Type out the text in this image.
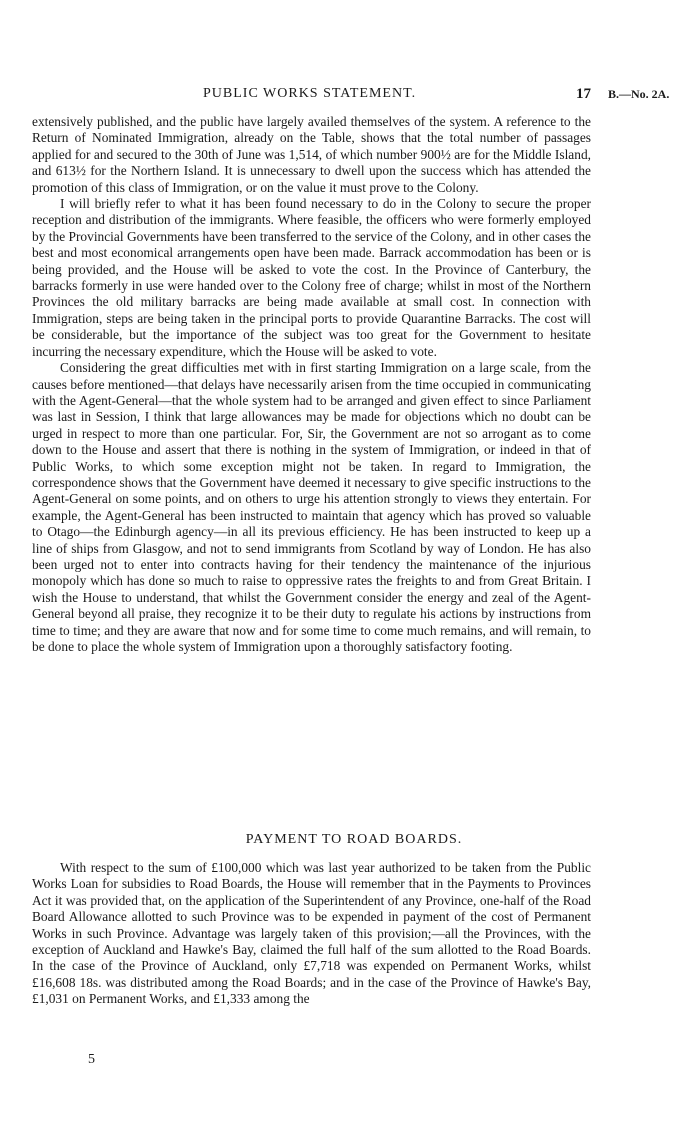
PUBLIC WORKS STATEMENT.	17 B.—No. 2A.

extensively published, and the public have largely availed themselves of the system. A reference to the Return of Nominated Immigration, already on the Table, shows that the total number of passages applied for and secured to the 30th of June was 1,514, of which number 900½ are for the Middle Island, and 613½ for the Northern Island. It is unnecessary to dwell upon the success which has attended the promotion of this class of Immigration, or on the value it must prove to the Colony.

I will briefly refer to what it has been found necessary to do in the Colony to secure the proper reception and distribution of the immigrants. Where feasible, the officers who were formerly employed by the Provincial Governments have been transferred to the service of the Colony, and in other cases the best and most economical arrangements open have been made. Barrack accommodation has been or is being provided, and the House will be asked to vote the cost. In the Province of Canterbury, the barracks formerly in use were handed over to the Colony free of charge; whilst in most of the Northern Provinces the old military barracks are being made available at small cost. In connection with Immigration, steps are being taken in the principal ports to provide Quarantine Barracks. The cost will be considerable, but the importance of the subject was too great for the Government to hesitate incurring the necessary expenditure, which the House will be asked to vote.

Considering the great difficulties met with in first starting Immigration on a large scale, from the causes before mentioned—that delays have necessarily arisen from the time occupied in communicating with the Agent-General—that the whole system had to be arranged and given effect to since Parliament was last in Session, I think that large allowances may be made for objections which no doubt can be urged in respect to more than one particular. For, Sir, the Government are not so arrogant as to come down to the House and assert that there is nothing in the system of Immigration, or indeed in that of Public Works, to which some exception might not be taken. In regard to Immigration, the correspondence shows that the Government have deemed it necessary to give specific instructions to the Agent-General on some points, and on others to urge his attention strongly to views they entertain. For example, the Agent-General has been instructed to maintain that agency which has proved so valuable to Otago—the Edinburgh agency—in all its previous efficiency. He has been instructed to keep up a line of ships from Glasgow, and not to send immigrants from Scotland by way of London. He has also been urged not to enter into contracts having for their tendency the maintenance of the injurious monopoly which has done so much to raise to oppressive rates the freights to and from Great Britain. I wish the House to understand, that whilst the Government consider the energy and zeal of the Agent-General beyond all praise, they recognize it to be their duty to regulate his actions by instructions from time to time; and they are aware that now and for some time to come much remains, and will remain, to be done to place the whole system of Immigration upon a thoroughly satisfactory footing.

PAYMENT TO ROAD BOARDS.

With respect to the sum of £100,000 which was last year authorized to be taken from the Public Works Loan for subsidies to Road Boards, the House will remember that in the Payments to Provinces Act it was provided that, on the application of the Superintendent of any Province, one-half of the Road Board Allowance allotted to such Province was to be expended in payment of the cost of Permanent Works in such Province. Advantage was largely taken of this provision;—all the Provinces, with the exception of Auckland and Hawke's Bay, claimed the full half of the sum allotted to the Road Boards. In the case of the Province of Auckland, only £7,718 was expended on Permanent Works, whilst £16,608 18s. was distributed among the Road Boards; and in the case of the Province of Hawke's Bay, £1,031 on Permanent Works, and £1,333 among the

5
